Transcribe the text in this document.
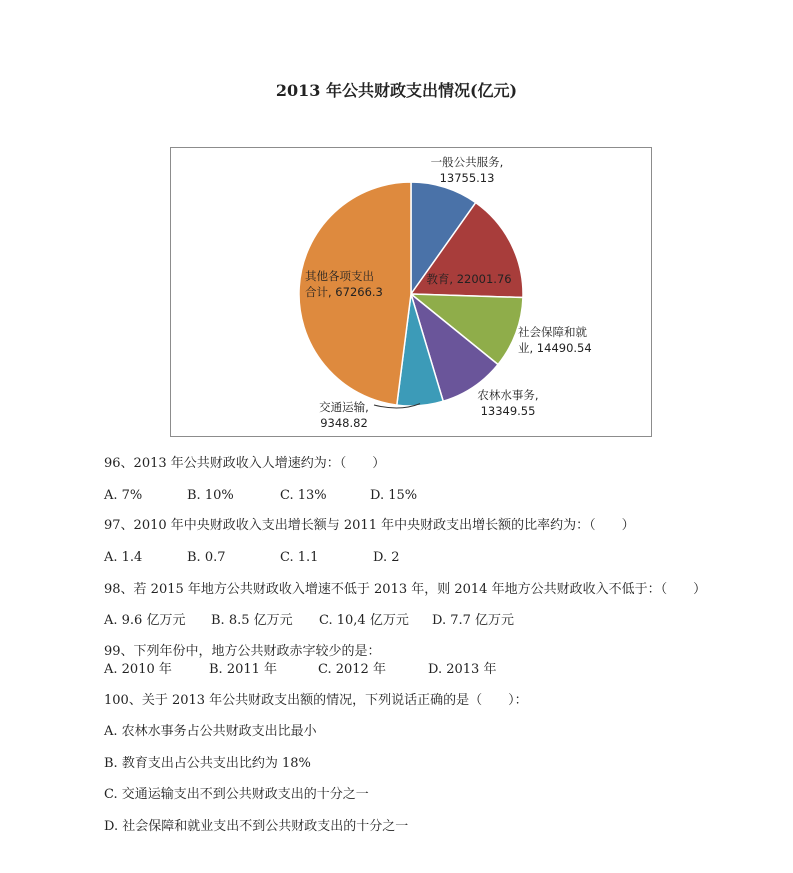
2013 年公共财政支出情况(亿元)
一般公共服务, 13755.13
教育, 22001.76
社会保障和就业, 14490.54
农林水事务, 13349.55
交通运输, 9348.82
其他各项支出合计, 67266.3
96、2013 年公共财政收入人增速约为：（　　）
A. 7%	B. 10%	C. 13%	D. 15%
97、2010 年中央财政收入支出增长额与 2011 年中央财政支出增长额的比率约为：（　　）
A. 1.4	B. 0.7	C. 1.1	D. 2
98、若 2015 年地方公共财政收入增速不低于 2013 年，则 2014 年地方公共财政收入不低于：（　　）
A. 9.6 亿万元 B. 8.5 亿万元 C. 10,4 亿万元 D. 7.7 亿万元
99、下列年份中，地方公共财政赤字较少的是：
A. 2010 年	B. 2011 年	C. 2012 年	D. 2013 年
100、关于 2013 年公共财政支出额的情况，下列说话正确的是（　　）：
A. 农林水事务占公共财政支出比最小
B. 教育支出占公共支出比约为 18%
C. 交通运输支出不到公共财政支出的十分之一
D. 社会保障和就业支出不到公共财政支出的十分之一
